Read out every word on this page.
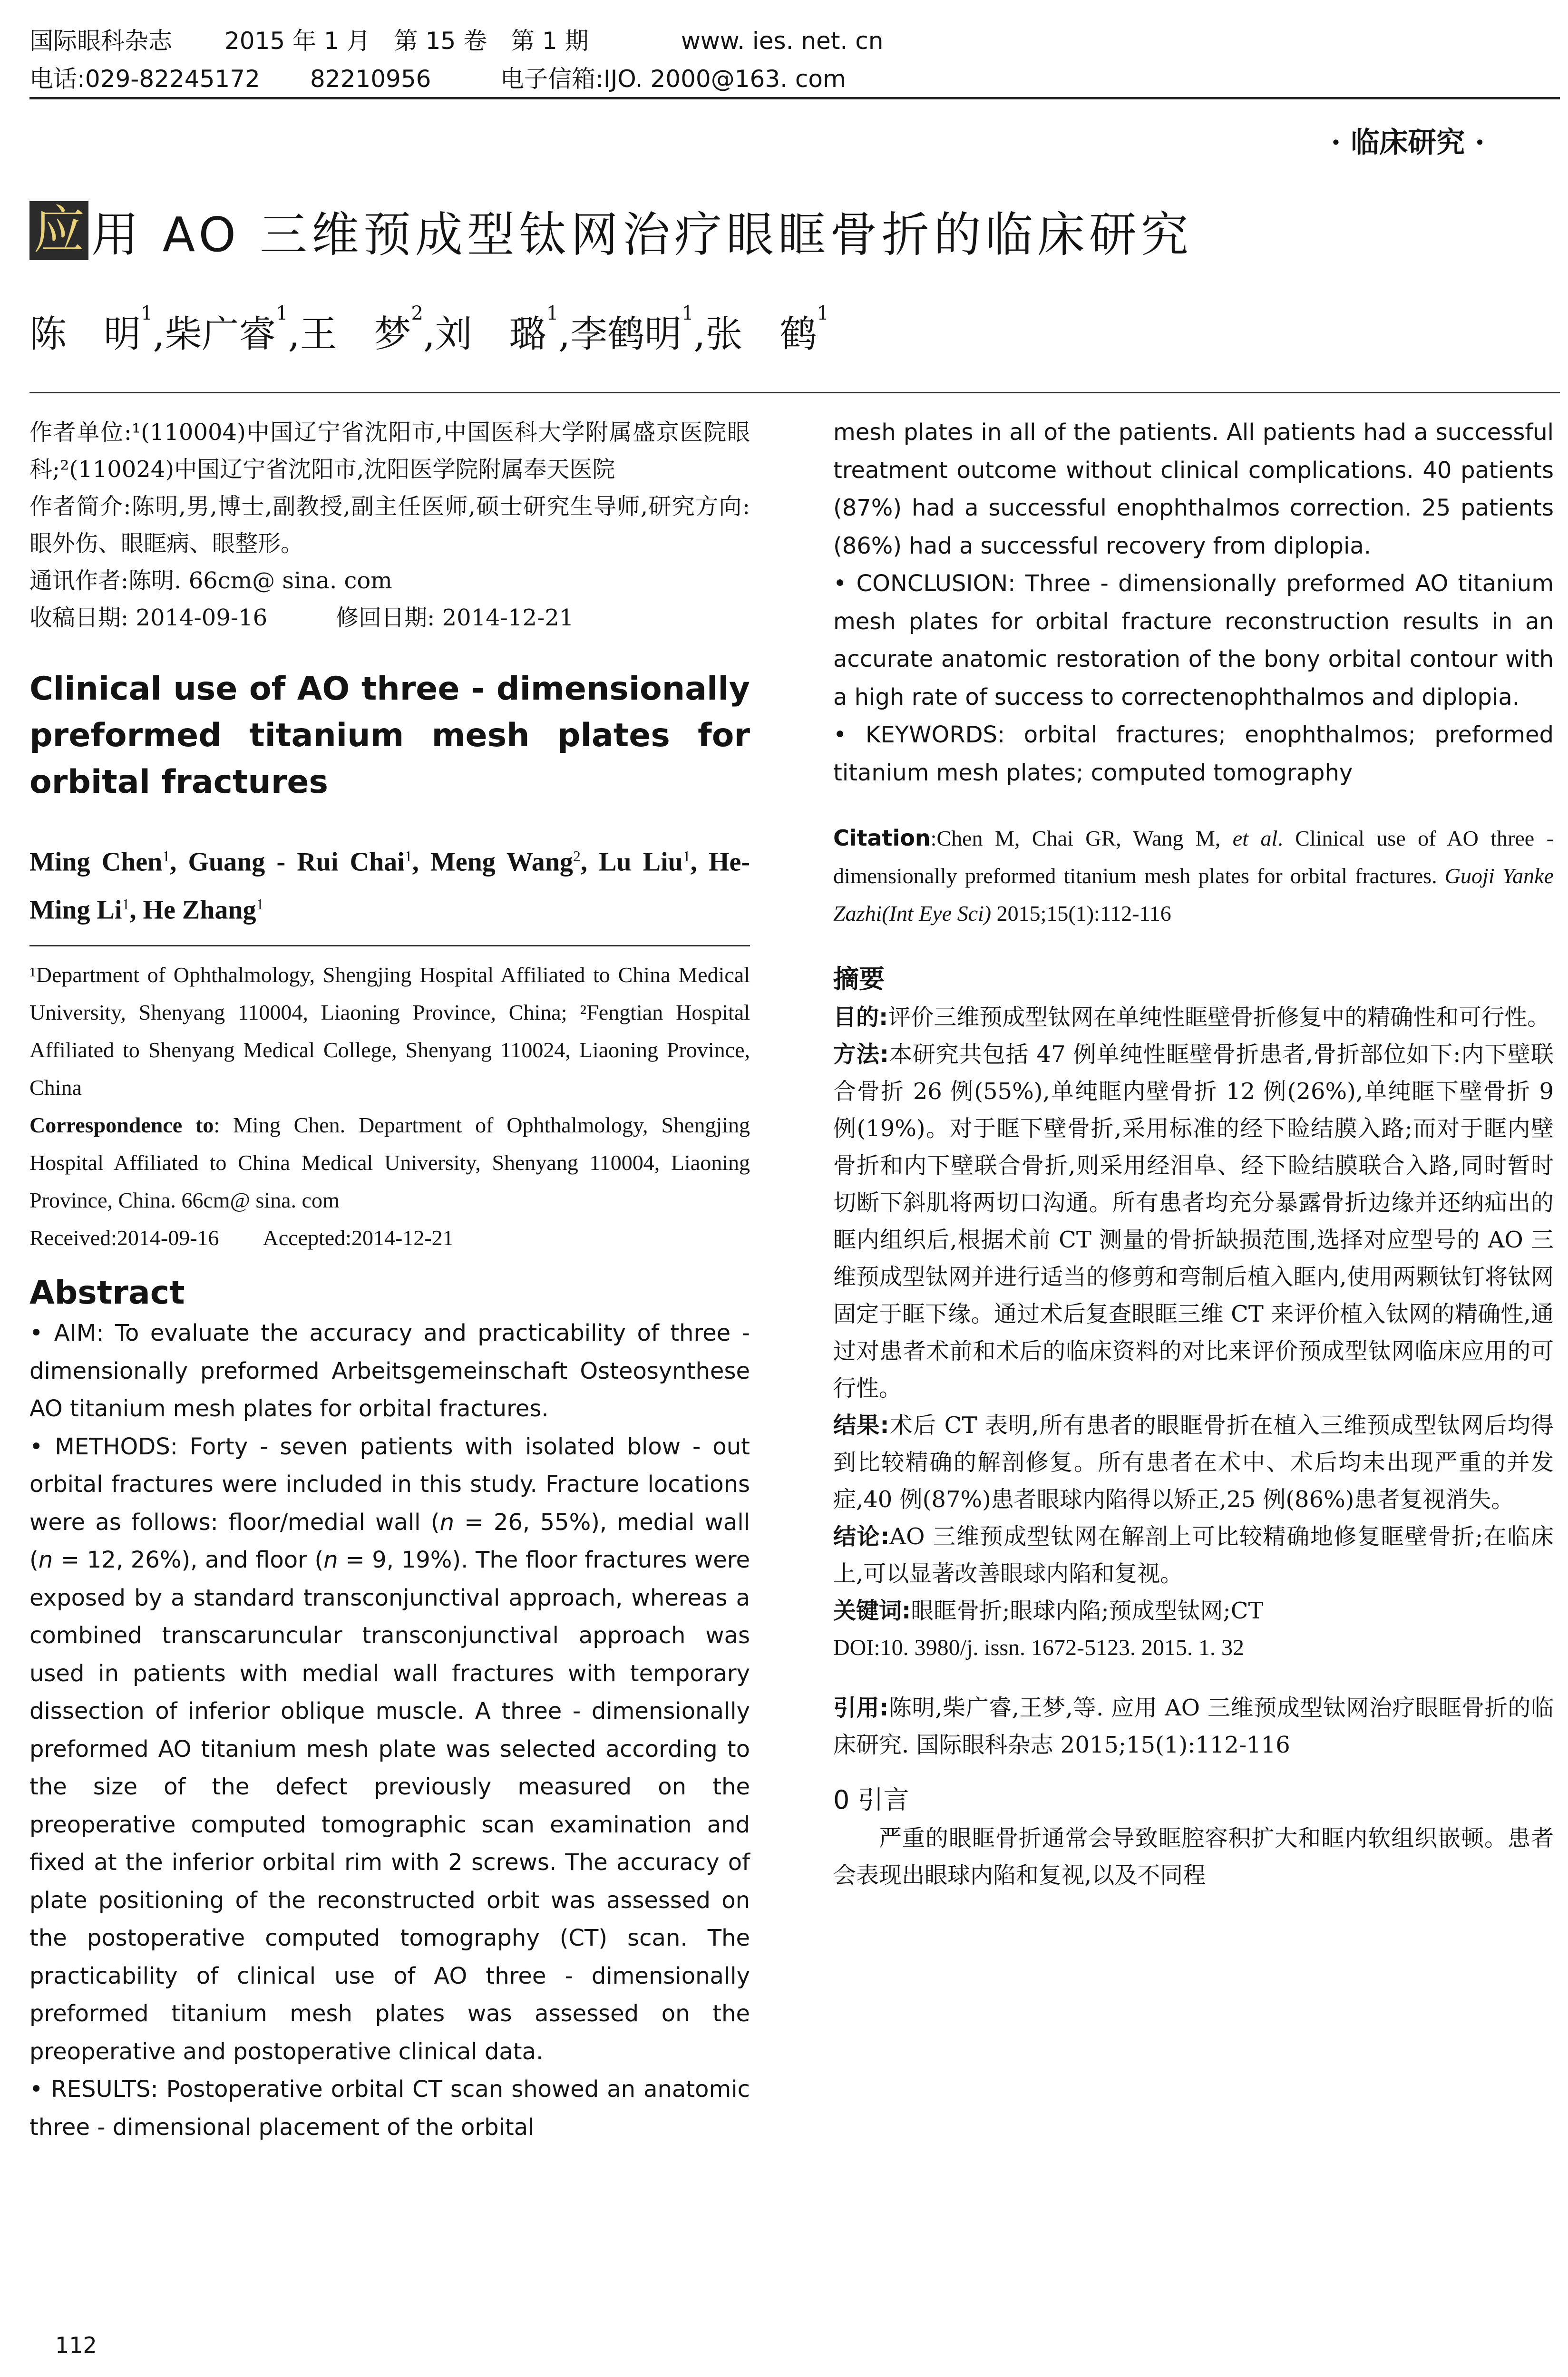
国际眼科杂志	2015 年 1 月　第 15 卷　第 1 期	www. ies. net. cn
电话:029-82245172	82210956	电子信箱:IJO. 2000@163. com
· 临床研究 ·
应 用 AO 三维预成型钛网治疗眼眶骨折的临床研究
陈　明$^1$,柴广睿$^1$,王　梦$^2$,刘　璐$^1$,李鹤明$^1$,张　鹤$^1$

作者单位:¹(110004)中国辽宁省沈阳市,中国医科大学附属盛京医院眼科;²(110024)中国辽宁省沈阳市,沈阳医学院附属奉天医院

作者简介:陈明,男,博士,副教授,副主任医师,硕士研究生导师,研究方向:眼外伤、眼眶病、眼整形。

通讯作者:陈明. 66cm@ sina. com

收稿日期: 2014-09-16　　　修回日期: 2014-12-21

Clinical use of AO three - dimensionally preformed titanium mesh plates for orbital fractures

Ming Chen$^1$, Guang - Rui Chai$^1$, Meng Wang$^2$, Lu Liu$^1$, He-Ming Li$^1$, He Zhang$^1$

¹Department of Ophthalmology, Shengjing Hospital Affiliated to China Medical University, Shenyang 110004, Liaoning Province, China; ²Fengtian Hospital Affiliated to Shenyang Medical College, Shenyang 110024, Liaoning Province, China

Correspondence to: Ming Chen. Department of Ophthalmology, Shengjing Hospital Affiliated to China Medical University, Shenyang 110004, Liaoning Province, China. 66cm@ sina. com

Received:2014-09-16　　Accepted:2014-12-21

Abstract

• AIM: To evaluate the accuracy and practicability of three - dimensionally preformed Arbeitsgemeinschaft Osteosynthese AO titanium mesh plates for orbital fractures.

• METHODS: Forty - seven patients with isolated blow - out orbital fractures were included in this study. Fracture locations were as follows: floor/medial wall (n = 26, 55%), medial wall (n = 12, 26%), and floor (n = 9, 19%). The floor fractures were exposed by a standard transconjunctival approach, whereas a combined transcaruncular transconjunctival approach was used in patients with medial wall fractures with temporary dissection of inferior oblique muscle. A three - dimensionally preformed AO titanium mesh plate was selected according to the size of the defect previously measured on the preoperative computed tomographic scan examination and fixed at the inferior orbital rim with 2 screws. The accuracy of plate positioning of the reconstructed orbit was assessed on the postoperative computed tomography (CT) scan. The practicability of clinical use of AO three - dimensionally preformed titanium mesh plates was assessed on the preoperative and postoperative clinical data.

• RESULTS: Postoperative orbital CT scan showed an anatomic three - dimensional placement of the orbital

mesh plates in all of the patients. All patients had a successful treatment outcome without clinical complications. 40 patients (87%) had a successful enophthalmos correction. 25 patients (86%) had a successful recovery from diplopia.

• CONCLUSION: Three - dimensionally preformed AO titanium mesh plates for orbital fracture reconstruction results in an accurate anatomic restoration of the bony orbital contour with a high rate of success to correctenophthalmos and diplopia.

• KEYWORDS: orbital fractures; enophthalmos; preformed titanium mesh plates; computed tomography

Citation:Chen M, Chai GR, Wang M, et al. Clinical use of AO three - dimensionally preformed titanium mesh plates for orbital fractures. Guoji Yanke Zazhi(Int Eye Sci) 2015;15(1):112-116

摘要

目的:评价三维预成型钛网在单纯性眶壁骨折修复中的精确性和可行性。

方法:本研究共包括 47 例单纯性眶壁骨折患者,骨折部位如下:内下壁联合骨折 26 例(55%),单纯眶内壁骨折 12 例(26%),单纯眶下壁骨折 9 例(19%)。对于眶下壁骨折,采用标准的经下睑结膜入路;而对于眶内壁骨折和内下壁联合骨折,则采用经泪阜、经下睑结膜联合入路,同时暂时切断下斜肌将两切口沟通。所有患者均充分暴露骨折边缘并还纳疝出的眶内组织后,根据术前 CT 测量的骨折缺损范围,选择对应型号的 AO 三维预成型钛网并进行适当的修剪和弯制后植入眶内,使用两颗钛钉将钛网固定于眶下缘。通过术后复查眼眶三维 CT 来评价植入钛网的精确性,通过对患者术前和术后的临床资料的对比来评价预成型钛网临床应用的可行性。

结果:术后 CT 表明,所有患者的眼眶骨折在植入三维预成型钛网后均得到比较精确的解剖修复。所有患者在术中、术后均未出现严重的并发症,40 例(87%)患者眼球内陷得以矫正,25 例(86%)患者复视消失。

结论:AO 三维预成型钛网在解剖上可比较精确地修复眶壁骨折;在临床上,可以显著改善眼球内陷和复视。

关键词:眼眶骨折;眼球内陷;预成型钛网;CT

DOI:10. 3980/j. issn. 1672-5123. 2015. 1. 32

引用:陈明,柴广睿,王梦,等. 应用 AO 三维预成型钛网治疗眼眶骨折的临床研究. 国际眼科杂志 2015;15(1):112-116

0 引言

严重的眼眶骨折通常会导致眶腔容积扩大和眶内软组织嵌顿。患者会表现出眼球内陷和复视,以及不同程

112
